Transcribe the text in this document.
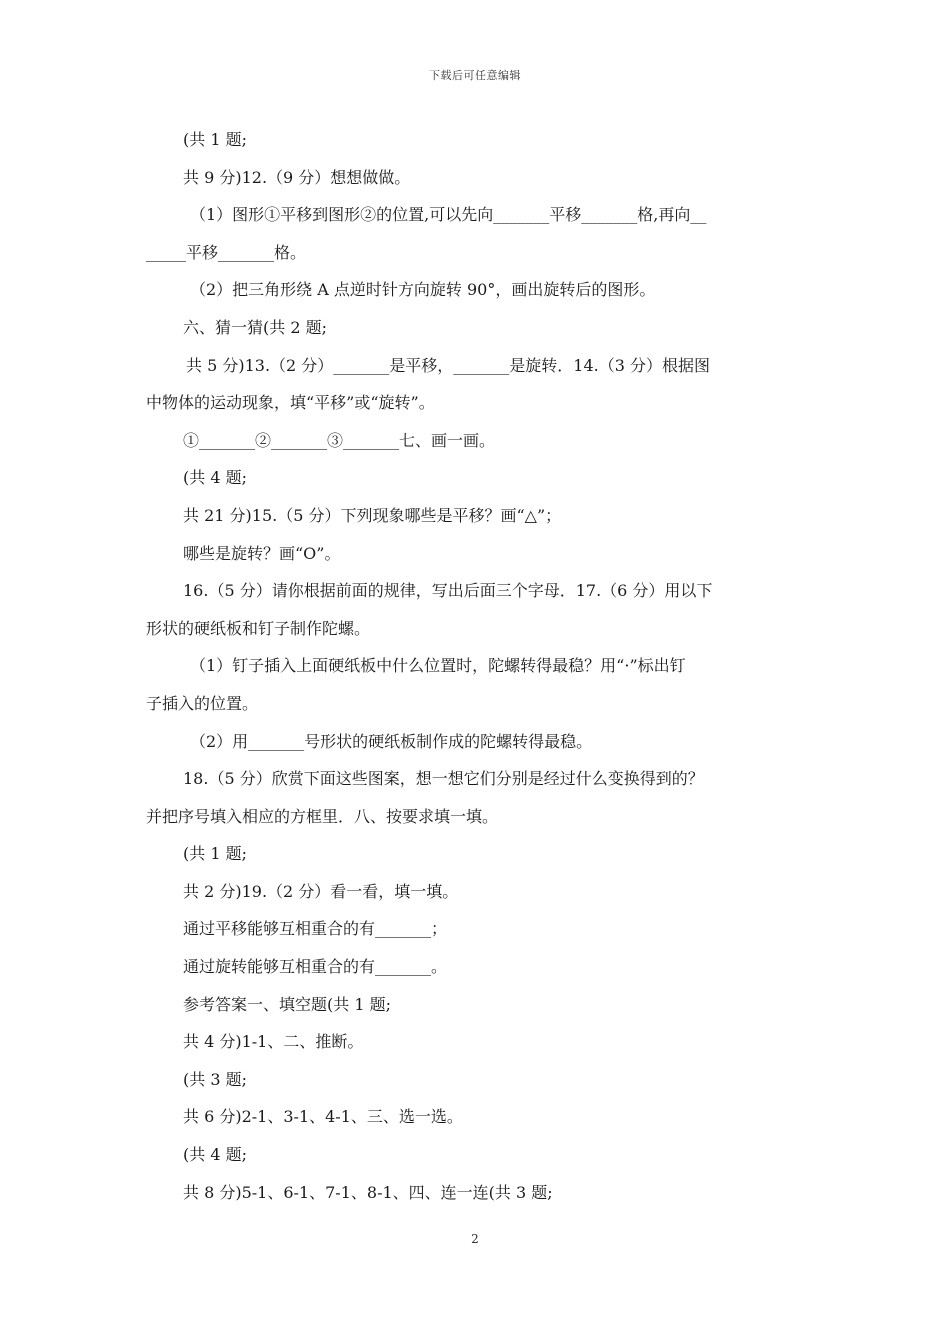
下载后可任意编辑
(共 1 题;
共 9 分)12.（9 分）想想做做。
（1）图形①平移到图形②的位置,可以先向_______平移_______格,再向__
_____平移_______格。
（2）把三角形绕 A 点逆时针方向旋转 90°，画出旋转后的图形。
六、猜一猜(共 2 题;
共 5 分)13.（2 分）_______是平移，_______是旋转．14.（3 分）根据图
中物体的运动现象，填“平移”或“旋转”。
①_______②_______③_______七、画一画。
(共 4 题;
共 21 分)15.（5 分）下列现象哪些是平移？画“△”；
哪些是旋转？画“O”。
16.（5 分）请你根据前面的规律，写出后面三个字母．17.（6 分）用以下
形状的硬纸板和钉子制作陀螺。
（1）钉子插入上面硬纸板中什么位置时，陀螺转得最稳？用“·”标出钉
子插入的位置。
（2）用_______号形状的硬纸板制作成的陀螺转得最稳。
18.（5 分）欣赏下面这些图案，想一想它们分别是经过什么变换得到的？
并把序号填入相应的方框里．八、按要求填一填。
(共 1 题;
共 2 分)19.（2 分）看一看，填一填。
通过平移能够互相重合的有_______；
通过旋转能够互相重合的有_______。
参考答案一、填空题(共 1 题;
共 4 分)1-1、二、推断。
(共 3 题;
共 6 分)2-1、3-1、4-1、三、选一选。
(共 4 题;
共 8 分)5-1、6-1、7-1、8-1、四、连一连(共 3 题;
2
